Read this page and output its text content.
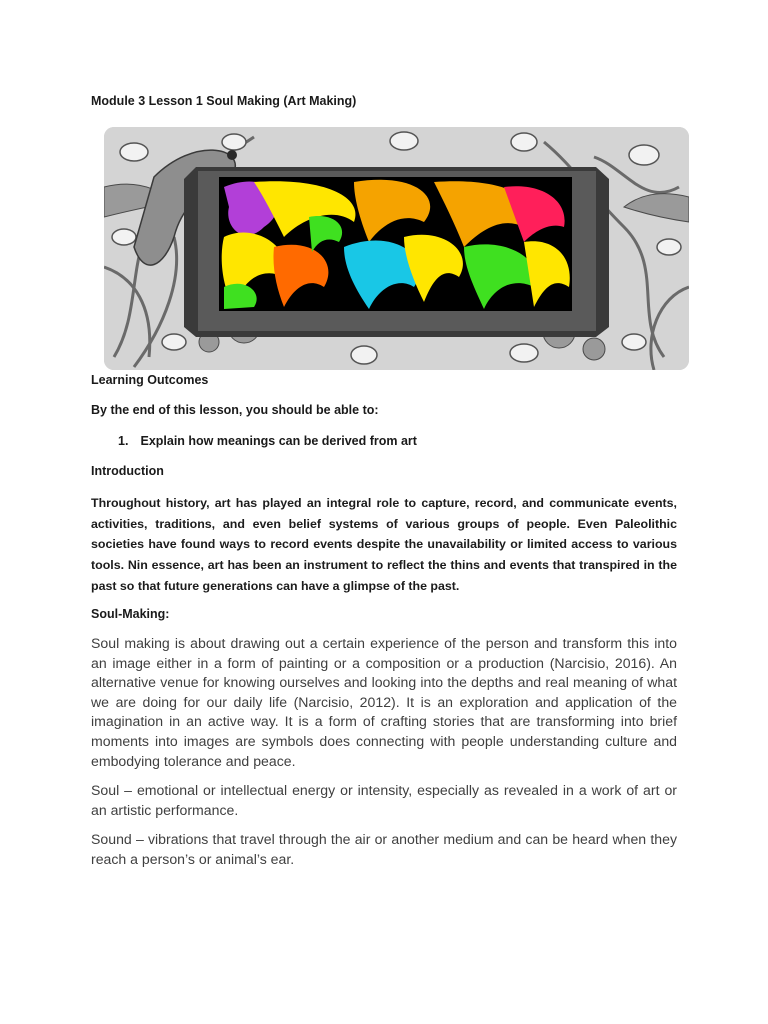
Module 3 Lesson 1 Soul Making (Art Making)
Learning Outcomes
By the end of this lesson, you should be able to:
1. Explain how meanings can be derived from art
Introduction
Throughout history, art has played an integral role to capture, record, and communicate events, activities, traditions, and even belief systems of various groups of people. Even Paleolithic societies have found ways to record events despite the unavailability or limited access to various tools. Nin essence, art has been an instrument to reflect the thins and events that transpired in the past so that future generations can have a glimpse of the past.
Soul-Making:
Soul making is about drawing out a certain experience of the person and transform this into an image either in a form of painting or a composition or a production (Narcisio, 2016). An alternative venue for knowing ourselves and looking into the depths and real meaning of what we are doing for our daily life (Narcisio, 2012). It is an exploration and application of the imagination in an active way. It is a form of crafting stories that are transforming into brief moments into images are symbols does connecting with people understanding culture and embodying tolerance and peace.
Soul – emotional or intellectual energy or intensity, especially as revealed in a work of art or an artistic performance.
Sound – vibrations that travel through the air or another medium and can be heard when they reach a person’s or animal’s ear.
